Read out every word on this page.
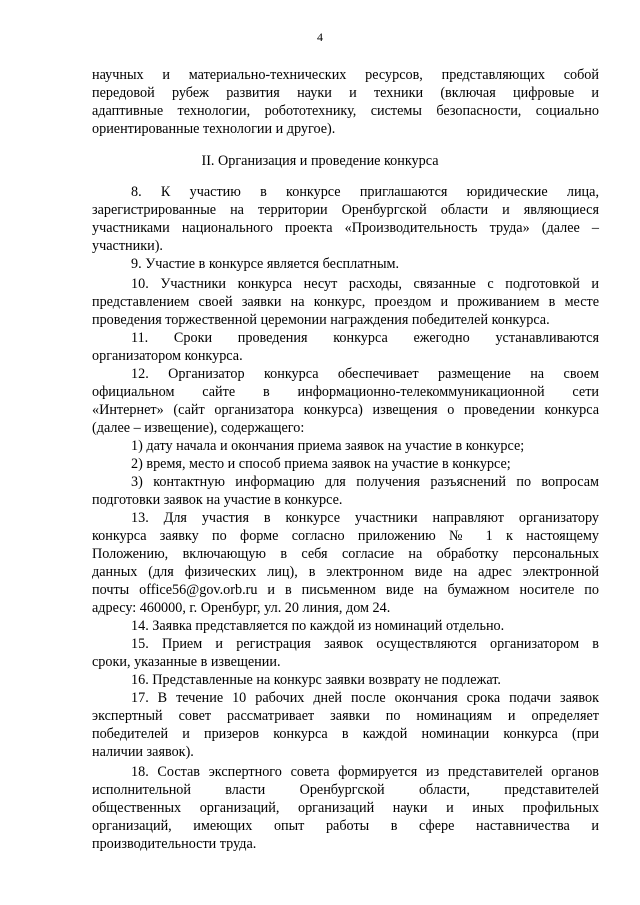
4
II. Организация и проведение конкурса
научных и материально-технических ресурсов, представляющих собой
передовой рубеж развития науки и техники (включая цифровые и
адаптивные технологии, робототехнику, системы безопасности, социально
ориентированные технологии и другое).
8. К участию в конкурсе приглашаются юридические лица,
зарегистрированные на территории Оренбургской области и являющиеся
участниками национального проекта «Производительность труда» (далее –
участники).
9. Участие в конкурсе является бесплатным.
10. Участники конкурса несут расходы, связанные с подготовкой и
представлением своей заявки на конкурс, проездом и проживанием в месте
проведения торжественной церемонии награждения победителей конкурса.
11. Сроки проведения конкурса ежегодно устанавливаются
организатором конкурса.
12. Организатор конкурса обеспечивает размещение на своем
официальном сайте в информационно-телекоммуникационной сети
«Интернет» (сайт организатора конкурса) извещения о проведении конкурса
(далее – извещение), содержащего:
1) дату начала и окончания приема заявок на участие в конкурсе;
2) время, место и способ приема заявок на участие в конкурсе;
3) контактную информацию для получения разъяснений по вопросам
подготовки заявок на участие в конкурсе.
13. Для участия в конкурсе участники направляют организатору
конкурса заявку по форме согласно приложению № 1 к настоящему
Положению, включающую в себя согласие на обработку персональных
данных (для физических лиц), в электронном виде на адрес электронной
почты office56@gov.orb.ru и в письменном виде на бумажном носителе по
адресу: 460000, г. Оренбург, ул. 20 линия, дом 24.
14. Заявка представляется по каждой из номинаций отдельно.
15. Прием и регистрация заявок осуществляются организатором в
сроки, указанные в извещении.
16. Представленные на конкурс заявки возврату не подлежат.
17. В течение 10 рабочих дней после окончания срока подачи заявок
экспертный совет рассматривает заявки по номинациям и определяет
победителей и призеров конкурса в каждой номинации конкурса (при
наличии заявок).
18. Состав экспертного совета формируется из представителей органов
исполнительной власти Оренбургской области, представителей
общественных организаций, организаций науки и иных профильных
организаций, имеющих опыт работы в сфере наставничества и
производительности труда.
